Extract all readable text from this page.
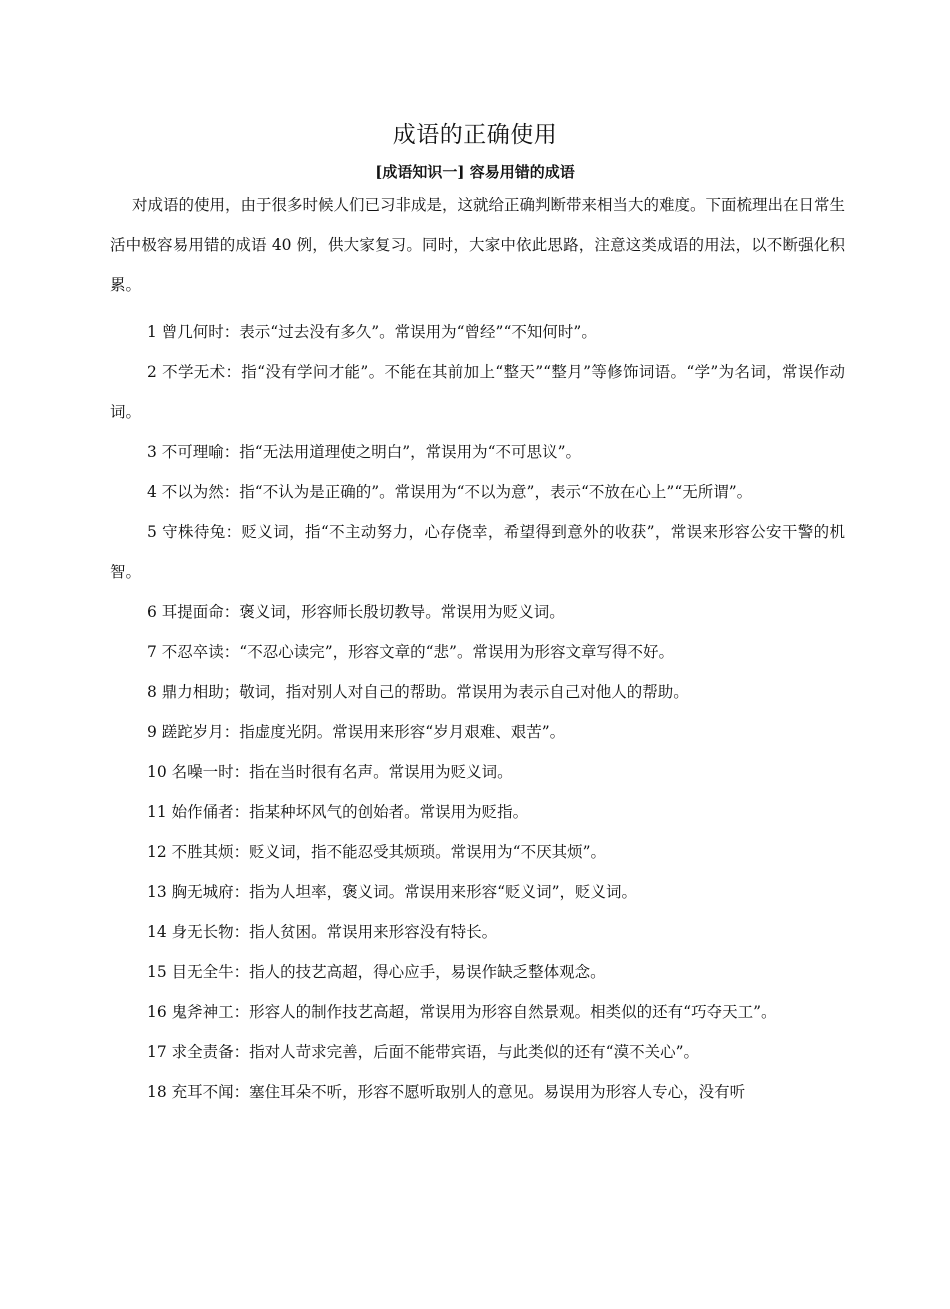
成语的正确使用
[成语知识一] 容易用错的成语

对成语的使用，由于很多时候人们已习非成是，这就给正确判断带来相当大的难度。下面梳理出在日常生活中极容易用错的成语 40 例，供大家复习。同时，大家中依此思路，注意这类成语的用法，以不断强化积累。

1 曾几何时：表示“过去没有多久”。常误用为“曾经”“不知何时”。

2 不学无术：指“没有学问才能”。不能在其前加上“整天”“整月”等修饰词语。“学”为名词，常误作动词。

3 不可理喻：指“无法用道理使之明白”，常误用为“不可思议”。

4 不以为然：指“不认为是正确的”。常误用为“不以为意”，表示“不放在心上”“无所谓”。

5 守株待兔：贬义词，指“不主动努力，心存侥幸，希望得到意外的收获”，常误来形容公安干警的机智。

6 耳提面命：褒义词，形容师长殷切教导。常误用为贬义词。

7 不忍卒读：“不忍心读完”，形容文章的“悲”。常误用为形容文章写得不好。

8 鼎力相助；敬词，指对别人对自己的帮助。常误用为表示自己对他人的帮助。

9 蹉跎岁月：指虚度光阴。常误用来形容“岁月艰难、艰苦”。

10 名噪一时：指在当时很有名声。常误用为贬义词。

11 始作俑者：指某种坏风气的创始者。常误用为贬指。

12 不胜其烦：贬义词，指不能忍受其烦琐。常误用为“不厌其烦”。

13 胸无城府：指为人坦率，褒义词。常误用来形容“贬义词”，贬义词。

14 身无长物：指人贫困。常误用来形容没有特长。

15 目无全牛：指人的技艺高超，得心应手，易误作缺乏整体观念。

16 鬼斧神工：形容人的制作技艺高超，常误用为形容自然景观。相类似的还有“巧夺天工”。

17 求全责备：指对人苛求完善，后面不能带宾语，与此类似的还有“漠不关心”。

18 充耳不闻：塞住耳朵不听，形容不愿听取别人的意见。易误用为形容人专心，没有听
